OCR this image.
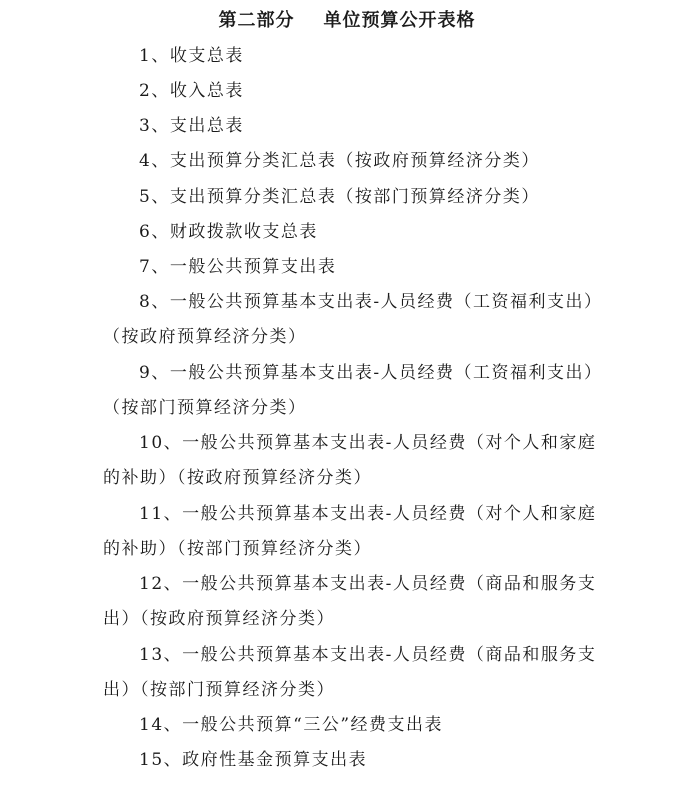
第二部分    单位预算公开表格
1、收支总表
2、收入总表
3、支出总表
4、支出预算分类汇总表（按政府预算经济分类）
5、支出预算分类汇总表（按部门预算经济分类）
6、财政拨款收支总表
7、一般公共预算支出表
8、一般公共预算基本支出表-人员经费（工资福利支出）
（按政府预算经济分类）
9、一般公共预算基本支出表-人员经费（工资福利支出）
（按部门预算经济分类）
10、一般公共预算基本支出表-人员经费（对个人和家庭
的补助）（按政府预算经济分类）
11、一般公共预算基本支出表-人员经费（对个人和家庭
的补助）（按部门预算经济分类）
12、一般公共预算基本支出表-人员经费（商品和服务支
出）（按政府预算经济分类）
13、一般公共预算基本支出表-人员经费（商品和服务支
出）（按部门预算经济分类）
14、一般公共预算“三公”经费支出表
15、政府性基金预算支出表
